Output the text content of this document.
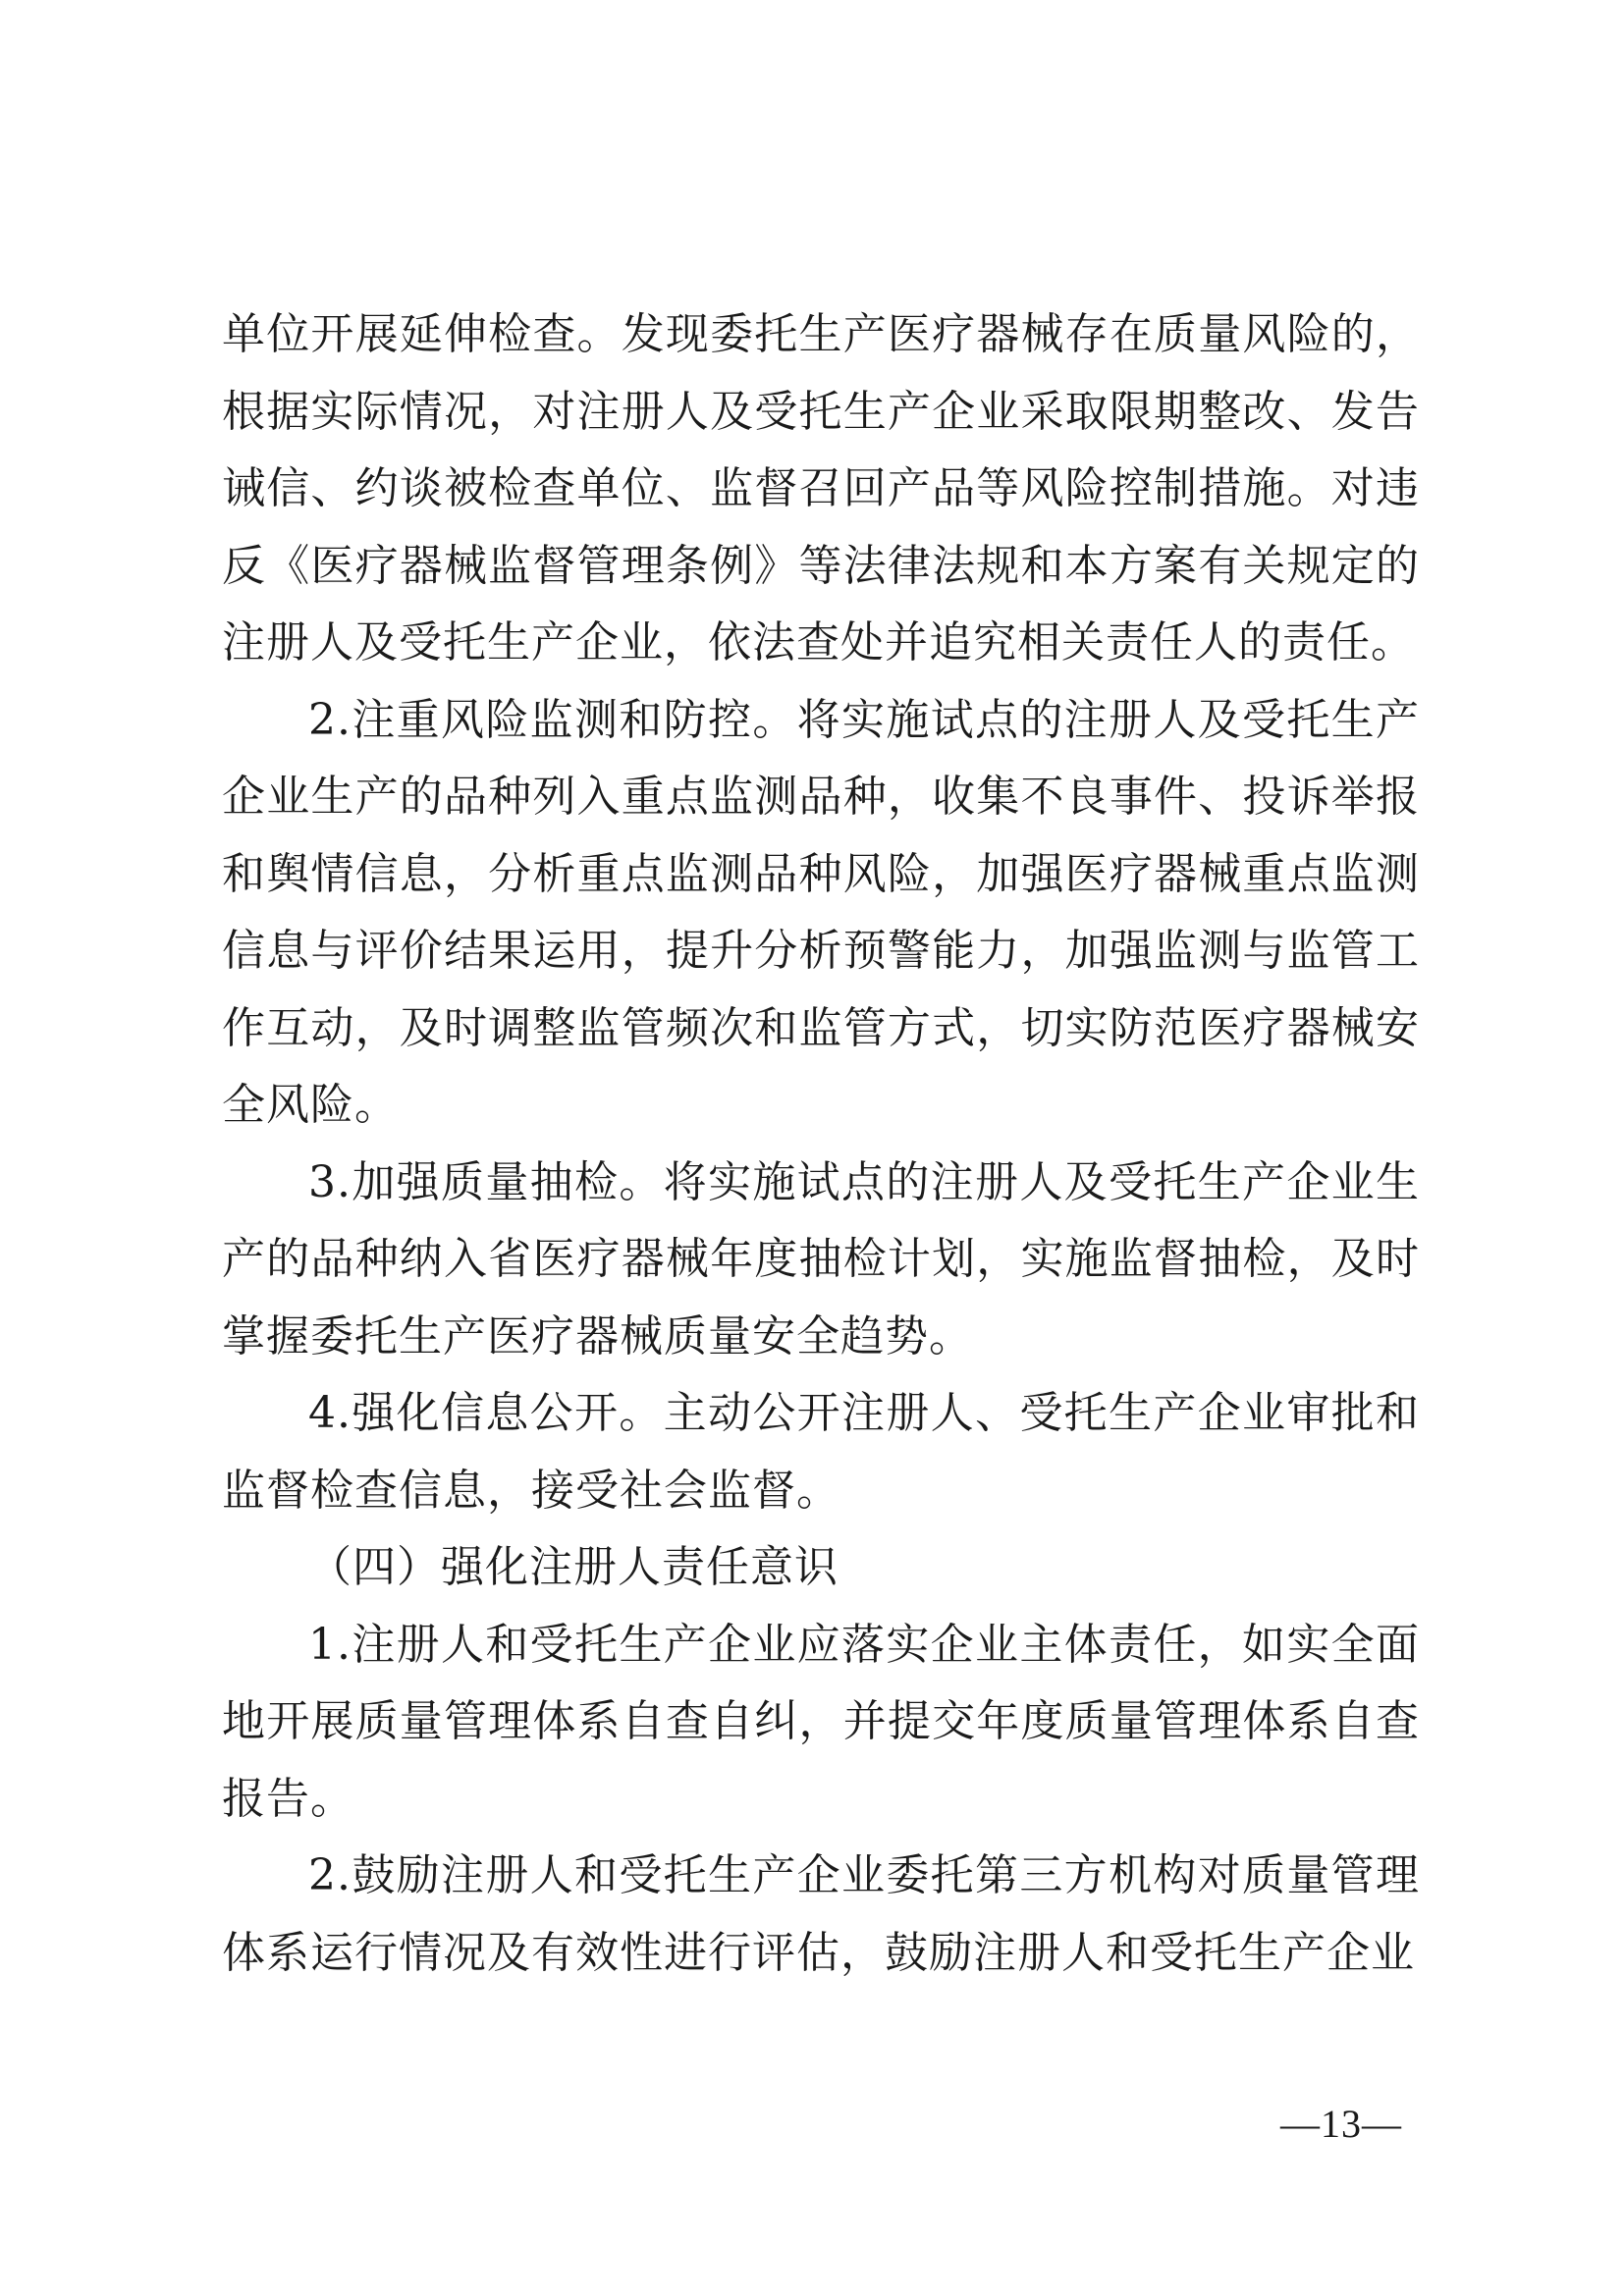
单位开展延伸检查。发现委托生产医疗器械存在质量风险的，根据实际情况，对注册人及受托生产企业采取限期整改、发告诫信、约谈被检查单位、监督召回产品等风险控制措施。对违反《医疗器械监督管理条例》等法律法规和本方案有关规定的注册人及受托生产企业，依法查处并追究相关责任人的责任。

2.注重风险监测和防控。将实施试点的注册人及受托生产企业生产的品种列入重点监测品种，收集不良事件、投诉举报和舆情信息，分析重点监测品种风险，加强医疗器械重点监测信息与评价结果运用，提升分析预警能力，加强监测与监管工作互动，及时调整监管频次和监管方式，切实防范医疗器械安全风险。

3.加强质量抽检。将实施试点的注册人及受托生产企业生产的品种纳入省医疗器械年度抽检计划，实施监督抽检，及时掌握委托生产医疗器械质量安全趋势。

4.强化信息公开。主动公开注册人、受托生产企业审批和监督检查信息，接受社会监督。

（四）强化注册人责任意识

1.注册人和受托生产企业应落实企业主体责任，如实全面地开展质量管理体系自查自纠，并提交年度质量管理体系自查报告。

2.鼓励注册人和受托生产企业委托第三方机构对质量管理体系运行情况及有效性进行评估，鼓励注册人和受托生产企业

—13—
